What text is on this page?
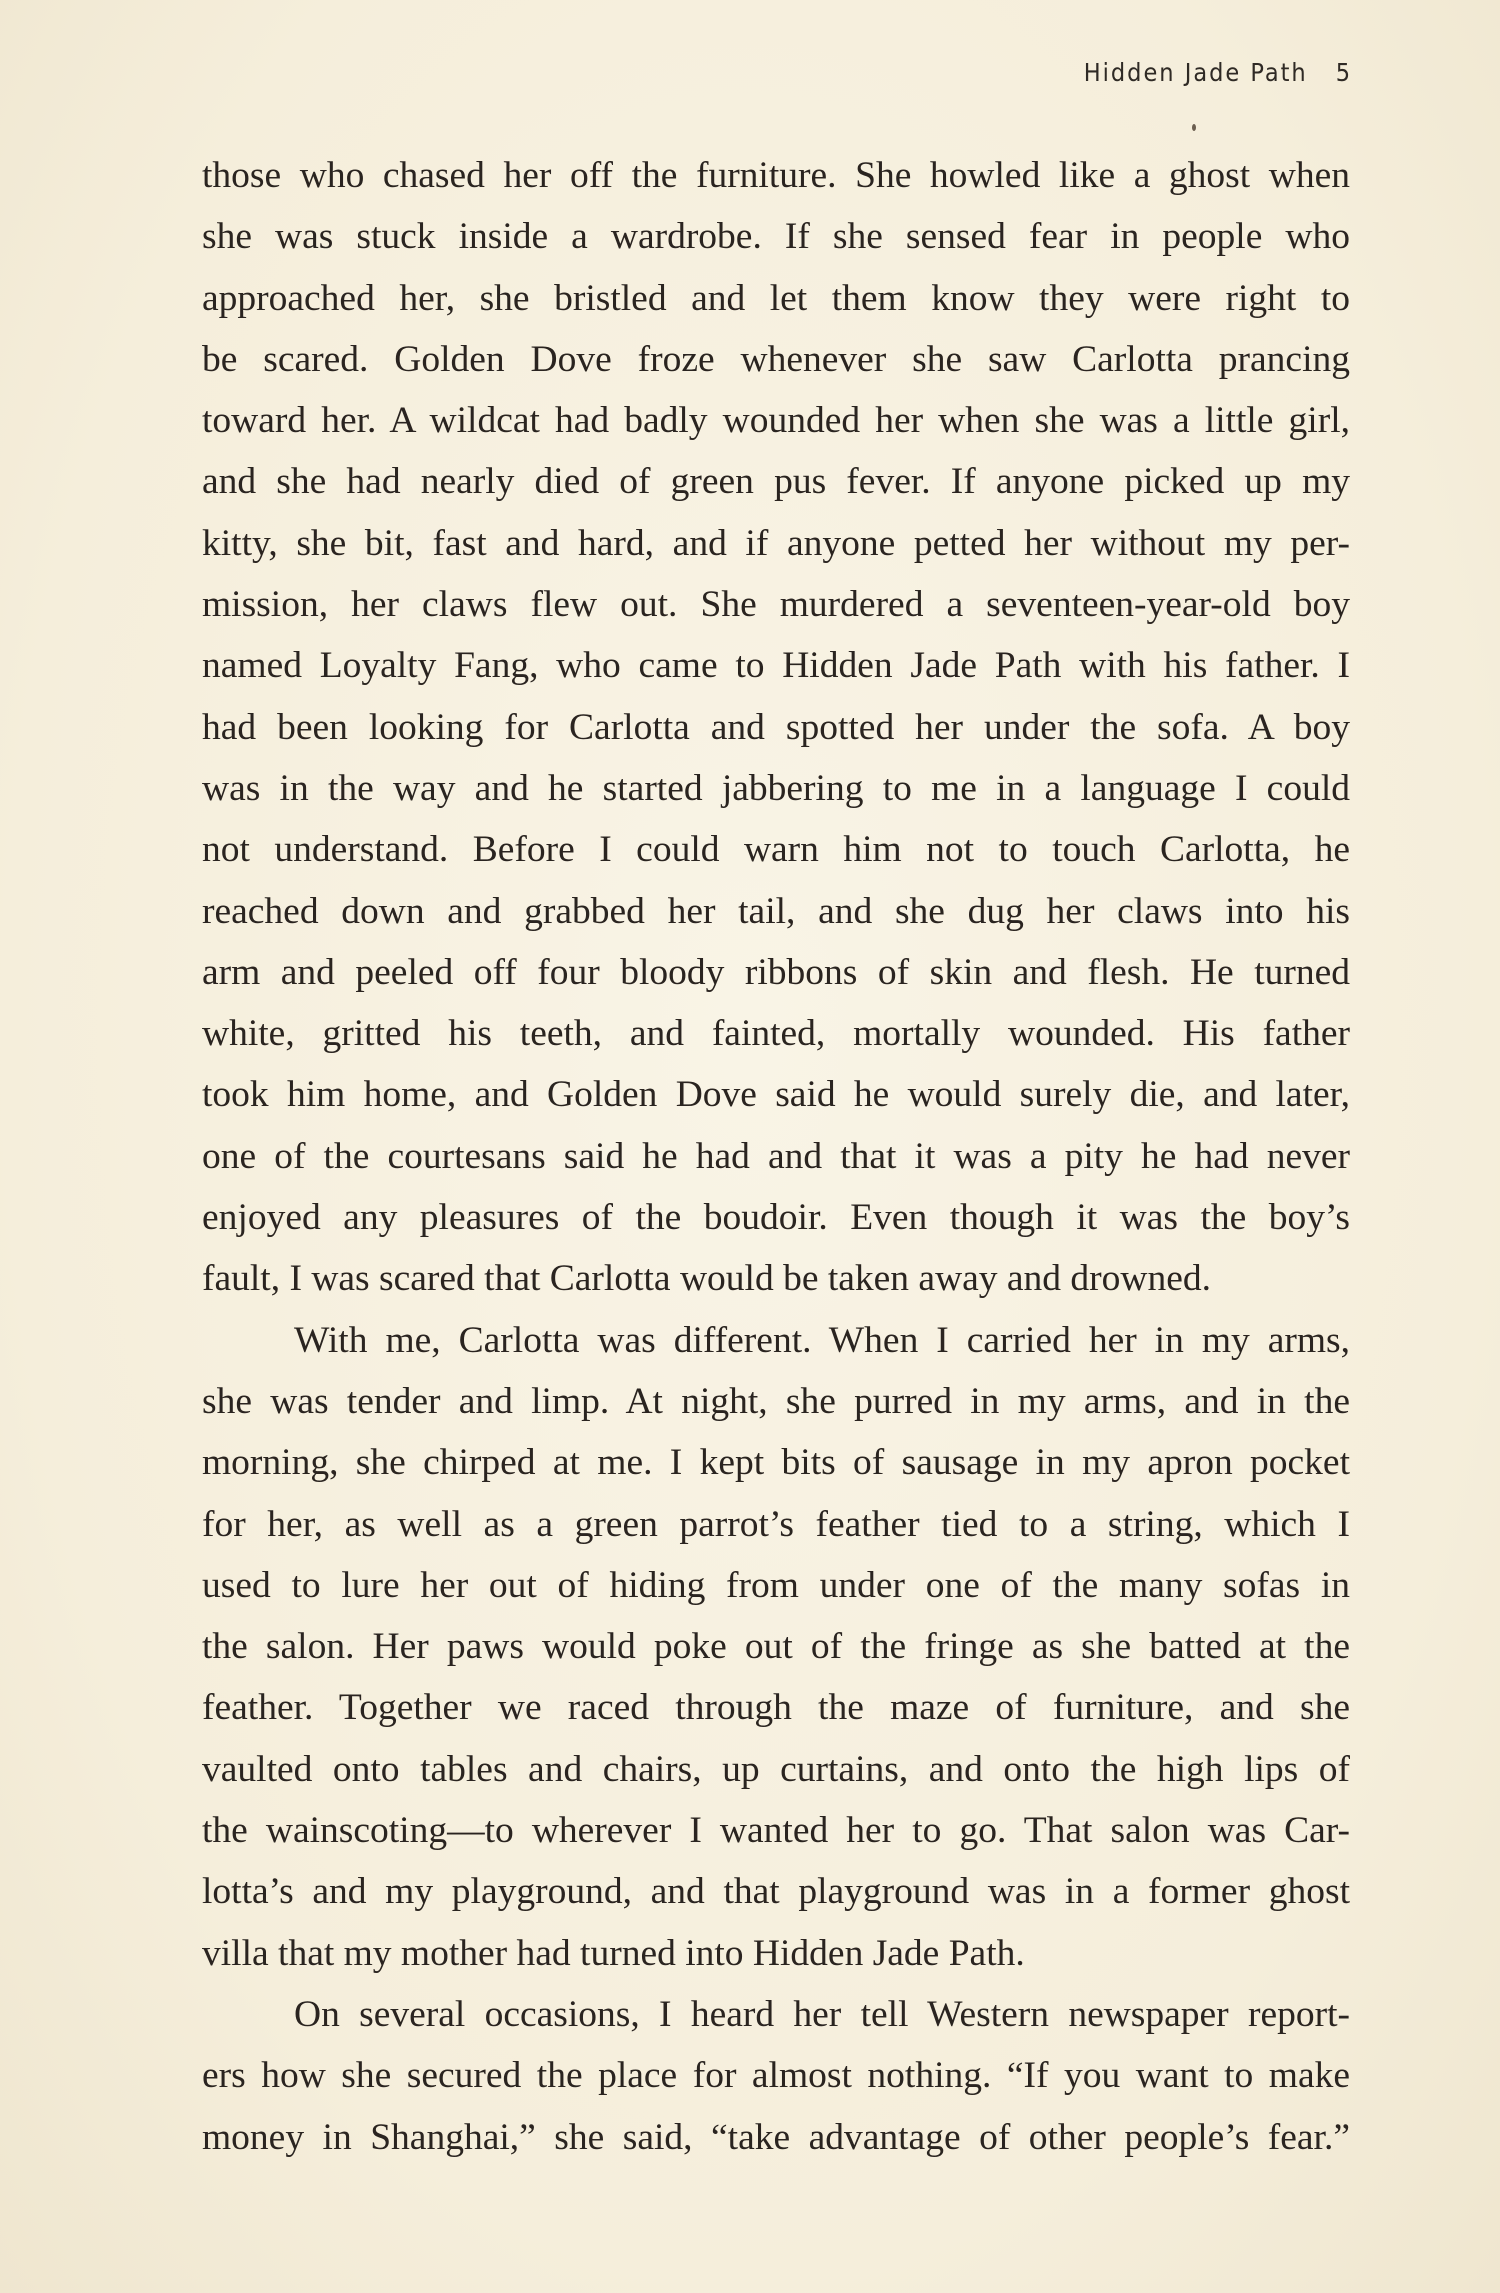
Hidden Jade Path 5
those who chased her off the furniture. She howled like a ghost when
she was stuck inside a wardrobe. If she sensed fear in people who
approached her, she bristled and let them know they were right to
be scared. Golden Dove froze whenever she saw Carlotta prancing
toward her. A wildcat had badly wounded her when she was a little girl,
and she had nearly died of green pus fever. If anyone picked up my
kitty, she bit, fast and hard, and if anyone petted her without my per-
mission, her claws flew out. She murdered a seventeen-year-old boy
named Loyalty Fang, who came to Hidden Jade Path with his father. I
had been looking for Carlotta and spotted her under the sofa. A boy
was in the way and he started jabbering to me in a language I could
not understand. Before I could warn him not to touch Carlotta, he
reached down and grabbed her tail, and she dug her claws into his
arm and peeled off four bloody ribbons of skin and flesh. He turned
white, gritted his teeth, and fainted, mortally wounded. His father
took him home, and Golden Dove said he would surely die, and later,
one of the courtesans said he had and that it was a pity he had never
enjoyed any pleasures of the boudoir. Even though it was the boy’s
fault, I was scared that Carlotta would be taken away and drowned.
With me, Carlotta was different. When I carried her in my arms,
she was tender and limp. At night, she purred in my arms, and in the
morning, she chirped at me. I kept bits of sausage in my apron pocket
for her, as well as a green parrot’s feather tied to a string, which I
used to lure her out of hiding from under one of the many sofas in
the salon. Her paws would poke out of the fringe as she batted at the
feather. Together we raced through the maze of furniture, and she
vaulted onto tables and chairs, up curtains, and onto the high lips of
the wainscoting—to wherever I wanted her to go. That salon was Car-
lotta’s and my playground, and that playground was in a former ghost
villa that my mother had turned into Hidden Jade Path.
On several occasions, I heard her tell Western newspaper report-
ers how she secured the place for almost nothing. “If you want to make
money in Shanghai,” she said, “take advantage of other people’s fear.”
